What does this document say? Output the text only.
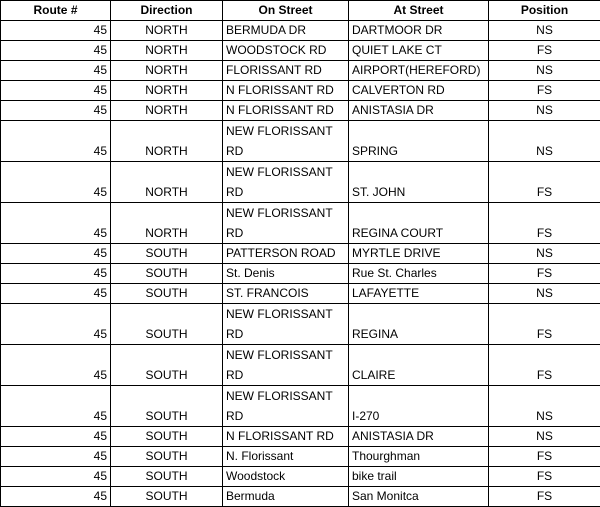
Route #	Direction	On Street	At Street	Position
45	NORTH	BERMUDA DR	DARTMOOR DR	NS
45	NORTH	WOODSTOCK RD	QUIET LAKE CT	FS
45	NORTH	FLORISSANT RD	AIRPORT(HEREFORD)	NS
45	NORTH	N FLORISSANT RD	CALVERTON RD	FS
45	NORTH	N FLORISSANT RD	ANISTASIA DR	NS
45	NORTH	NEW FLORISSANT RD	SPRING	NS
45	NORTH	NEW FLORISSANT RD	ST. JOHN	FS
45	NORTH	NEW FLORISSANT RD	REGINA COURT	FS
45	SOUTH	PATTERSON ROAD	MYRTLE DRIVE	NS
45	SOUTH	St. Denis	Rue St. Charles	FS
45	SOUTH	ST. FRANCOIS	LAFAYETTE	NS
45	SOUTH	NEW FLORISSANT RD	REGINA	FS
45	SOUTH	NEW FLORISSANT RD	CLAIRE	FS
45	SOUTH	NEW FLORISSANT RD	I-270	NS
45	SOUTH	N FLORISSANT RD	ANISTASIA DR	NS
45	SOUTH	N. Florissant	Thourghman	FS
45	SOUTH	Woodstock	bike trail	FS
45	SOUTH	Bermuda	San Monitca	FS
